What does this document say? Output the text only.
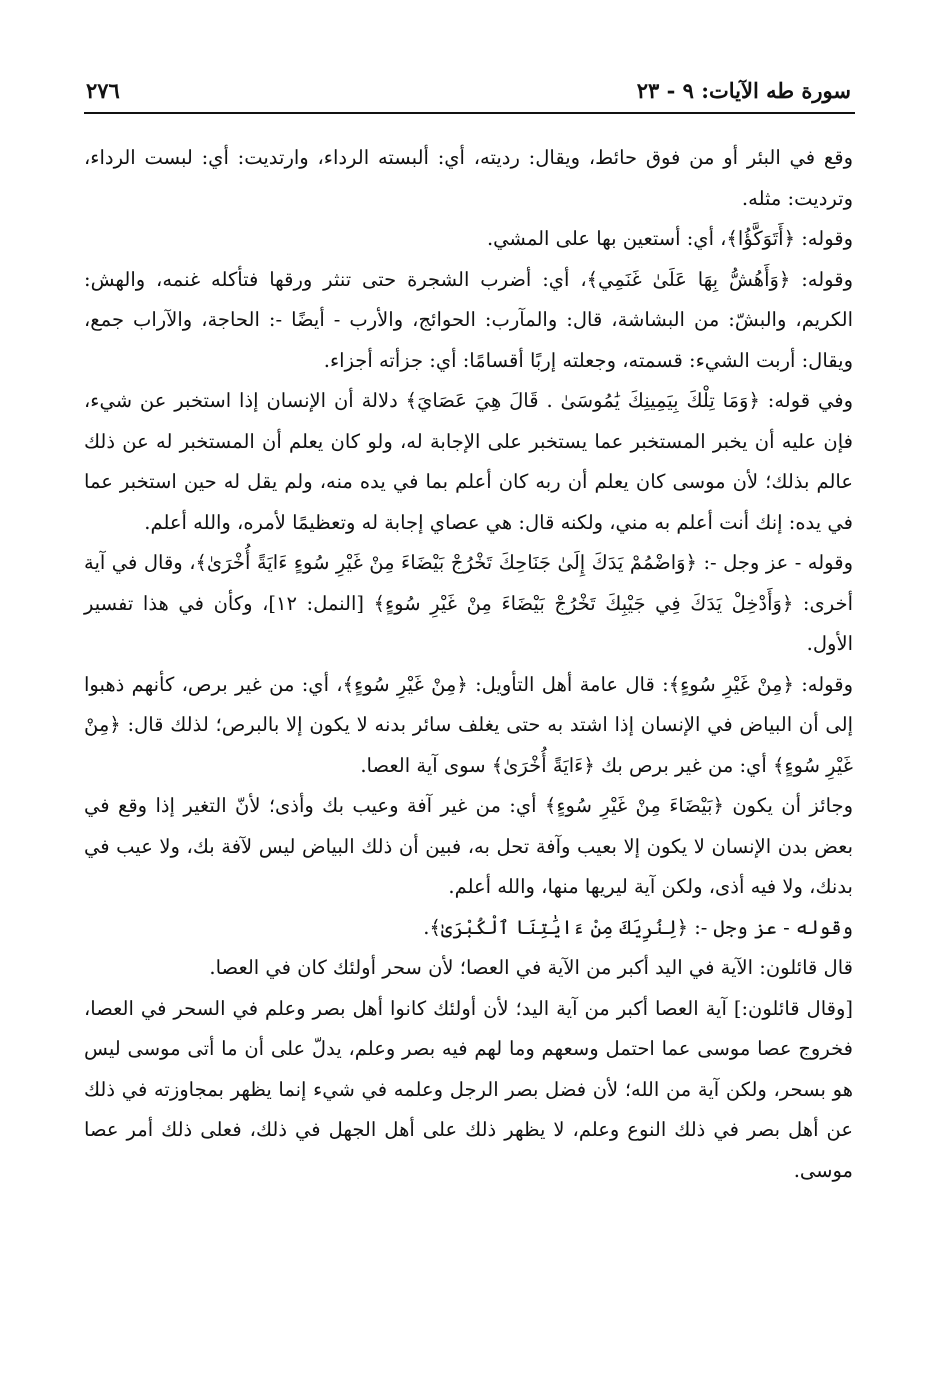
٢٧٦	سورة طه الآيات: ٩ - ٢٣

وقع في البئر أو من فوق حائط، ويقال: رديته، أي: ألبسته الرداء، وارتديت: أي: لبست الرداء، وترديت: مثله.

وقوله: ﴿أَتَوَكَّؤُا﴾، أي: أستعين بها على المشي.

وقوله: ﴿وَأَهُشُّ بِهَا عَلَىٰ غَنَمِي﴾، أي: أضرب الشجرة حتى تنثر ورقها فتأكله غنمه، والهش: الكريم، والبشّ: من البشاشة، قال: والمآرب: الحوائج، والأرب - أيضًا -: الحاجة، والآراب جمع، ويقال: أربت الشيء: قسمته، وجعلته إربًا أقسامًا: أي: جزأته أجزاء.

وفي قوله: ﴿وَمَا تِلْكَ بِيَمِينِكَ يَٰمُوسَىٰ . قَالَ هِيَ عَصَايَ﴾ دلالة أن الإنسان إذا استخبر عن شيء، فإن عليه أن يخبر المستخبر عما يستخبر على الإجابة له، ولو كان يعلم أن المستخبر له عن ذلك عالم بذلك؛ لأن موسى كان يعلم أن ربه كان أعلم بما في يده منه، ولم يقل له حين استخبر عما في يده: إنك أنت أعلم به مني، ولكنه قال: هي عصاي إجابة له وتعظيمًا لأمره، والله أعلم.

وقوله - عز وجل -: ﴿وَاضْمُمْ يَدَكَ إِلَىٰ جَنَاحِكَ تَخْرُجْ بَيْضَاءَ مِنْ غَيْرِ سُوءٍ ءَايَةً أُخْرَىٰ﴾، وقال في آية أخرى: ﴿وَأَدْخِلْ يَدَكَ فِي جَيْبِكَ تَخْرُجْ بَيْضَاءَ مِنْ غَيْرِ سُوءٍ﴾ [النمل: ١٢]، وكأن في هذا تفسير الأول.

وقوله: ﴿مِنْ غَيْرِ سُوءٍ﴾: قال عامة أهل التأويل: ﴿مِنْ غَيْرِ سُوءٍ﴾، أي: من غير برص، كأنهم ذهبوا إلى أن البياض في الإنسان إذا اشتد به حتى يغلف سائر بدنه لا يكون إلا بالبرص؛ لذلك قال: ﴿مِنْ غَيْرِ سُوءٍ﴾ أي: من غير برص بك ﴿ءَايَةً أُخْرَىٰ﴾ سوى آية العصا.

وجائز أن يكون ﴿بَيْضَاءَ مِنْ غَيْرِ سُوءٍ﴾ أي: من غير آفة وعيب بك وأذى؛ لأنّ التغير إذا وقع في بعض بدن الإنسان لا يكون إلا بعيب وآفة تحل به، فبين أن ذلك البياض ليس لآفة بك، ولا عيب في بدنك، ولا فيه أذى، ولكن آية ليريها منها، والله أعلم.

وقوله - عز وجل -: ﴿لِنُرِيَكَ مِنْ ءَايَٰتِنَا ٱلْكُبْرَىٰ﴾.

قال قائلون: الآية في اليد أكبر من الآية في العصا؛ لأن سحر أولئك كان في العصا.

[وقال قائلون:] آية العصا أكبر من آية اليد؛ لأن أولئك كانوا أهل بصر وعلم في السحر في العصا، فخروج عصا موسى عما احتمل وسعهم وما لهم فيه بصر وعلم، يدلّ على أن ما أتى موسى ليس هو بسحر، ولكن آية من الله؛ لأن فضل بصر الرجل وعلمه في شيء إنما يظهر بمجاوزته في ذلك عن أهل بصر في ذلك النوع وعلم، لا يظهر ذلك على أهل الجهل في ذلك، فعلى ذلك أمر عصا موسى.
